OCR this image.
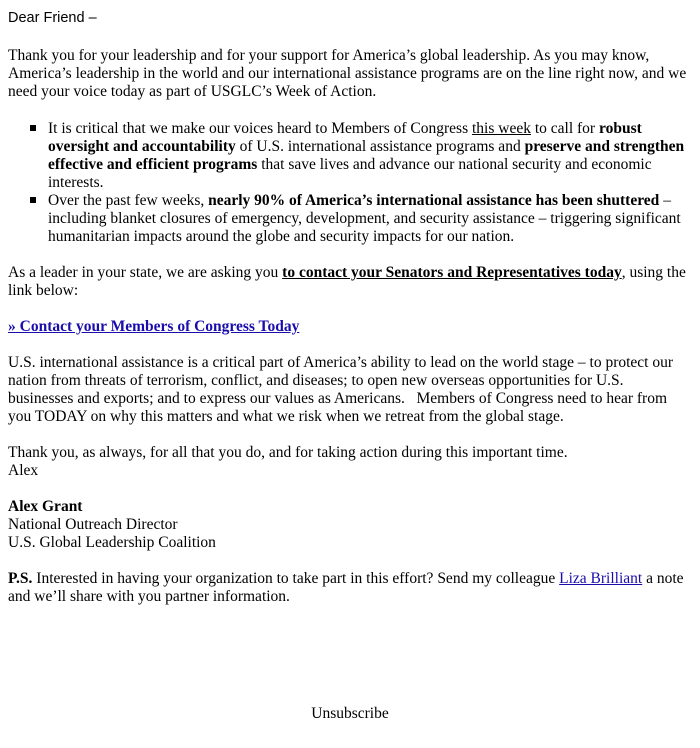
Dear Friend –

Thank you for your leadership and for your support for America’s global leadership. As you may know, America’s leadership in the world and our international assistance programs are on the line right now, and we need your voice today as part of USGLC’s Week of Action.

It is critical that we make our voices heard to Members of Congress this week to call for robust oversight and accountability of U.S. international assistance programs and preserve and strengthen effective and efficient programs that save lives and advance our national security and economic interests.
Over the past few weeks, nearly 90% of America’s international assistance has been shuttered – including blanket closures of emergency, development, and security assistance – triggering significant humanitarian impacts around the globe and security impacts for our nation.

As a leader in your state, we are asking you to contact your Senators and Representatives today, using the link below:

» Contact your Members of Congress Today

U.S. international assistance is a critical part of America’s ability to lead on the world stage – to protect our nation from threats of terrorism, conflict, and diseases; to open new overseas opportunities for U.S. businesses and exports; and to express our values as Americans.   Members of Congress need to hear from you TODAY on why this matters and what we risk when we retreat from the global stage.

Thank you, as always, for all that you do, and for taking action during this important time.
Alex

Alex Grant
National Outreach Director
U.S. Global Leadership Coalition

P.S. Interested in having your organization to take part in this effort? Send my colleague Liza Brilliant a note and we’ll share with you partner information.

Unsubscribe
